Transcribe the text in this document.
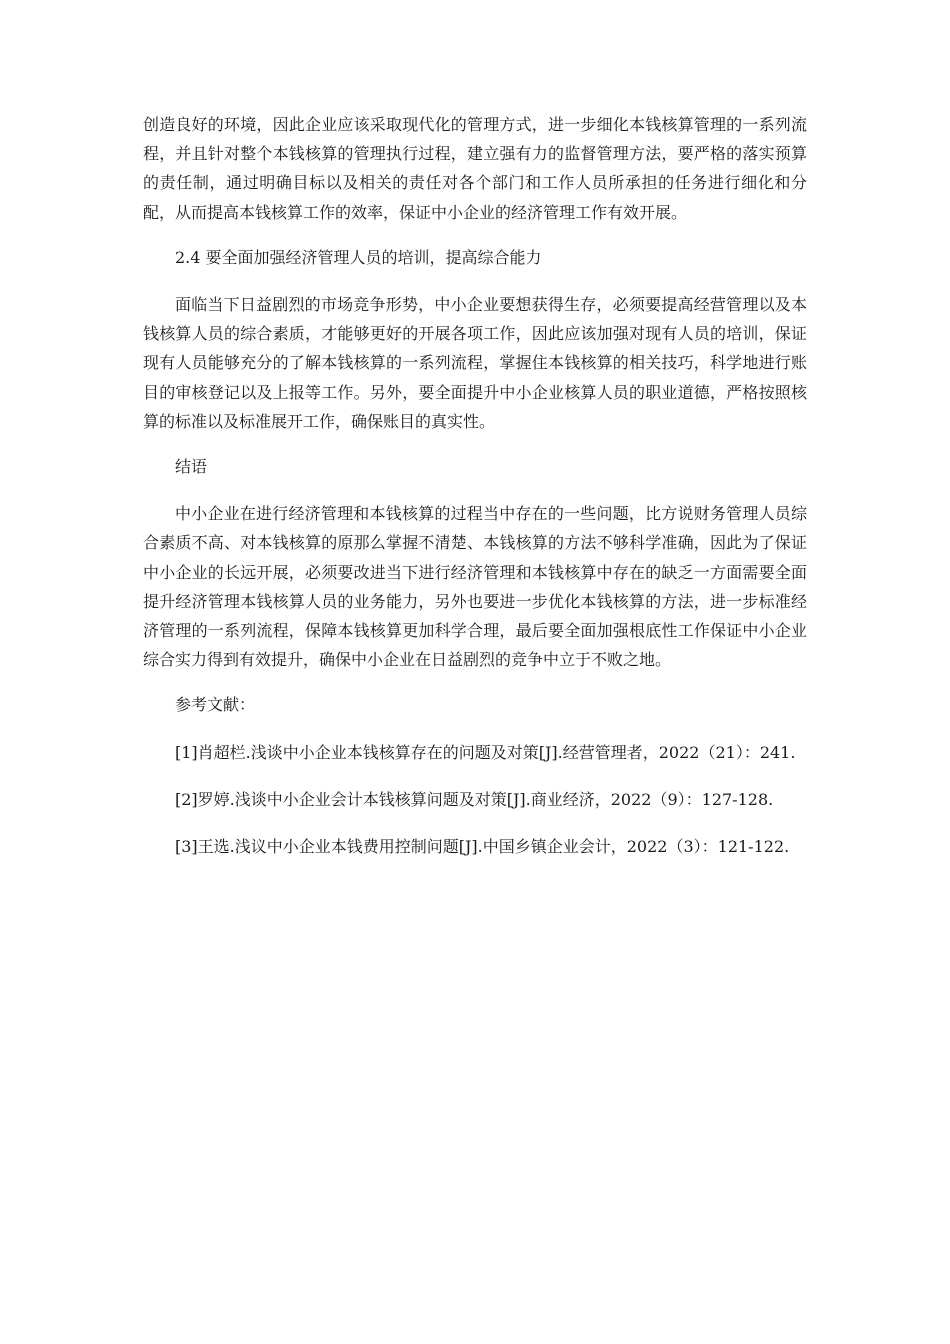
创造良好的环境，因此企业应该采取现代化的管理方式，进一步细化本钱核算管理的一系列流程，并且针对整个本钱核算的管理执行过程，建立强有力的监督管理方法，要严格的落实预算的责任制，通过明确目标以及相关的责任对各个部门和工作人员所承担的任务进行细化和分配，从而提高本钱核算工作的效率，保证中小企业的经济管理工作有效开展。

2.4 要全面加强经济管理人员的培训，提高综合能力

面临当下日益剧烈的市场竞争形势，中小企业要想获得生存，必须要提高经营管理以及本钱核算人员的综合素质，才能够更好的开展各项工作，因此应该加强对现有人员的培训，保证现有人员能够充分的了解本钱核算的一系列流程，掌握住本钱核算的相关技巧，科学地进行账目的审核登记以及上报等工作。另外，要全面提升中小企业核算人员的职业道德，严格按照核算的标准以及标准展开工作，确保账目的真实性。

结语

中小企业在进行经济管理和本钱核算的过程当中存在的一些问题，比方说财务管理人员综合素质不高、对本钱核算的原那么掌握不清楚、本钱核算的方法不够科学准确，因此为了保证中小企业的长远开展，必须要改进当下进行经济管理和本钱核算中存在的缺乏一方面需要全面提升经济管理本钱核算人员的业务能力，另外也要进一步优化本钱核算的方法，进一步标准经济管理的一系列流程，保障本钱核算更加科学合理，最后要全面加强根底性工作保证中小企业综合实力得到有效提升，确保中小企业在日益剧烈的竞争中立于不败之地。

参考文献：

[1]肖超栏.浅谈中小企业本钱核算存在的问题及对策[J].经营管理者，2022（21）：241.

[2]罗婷.浅谈中小企业会计本钱核算问题及对策[J].商业经济，2022（9）：127-128.

[3]王选.浅议中小企业本钱费用控制问题[J].中国乡镇企业会计，2022（3）：121-122.
